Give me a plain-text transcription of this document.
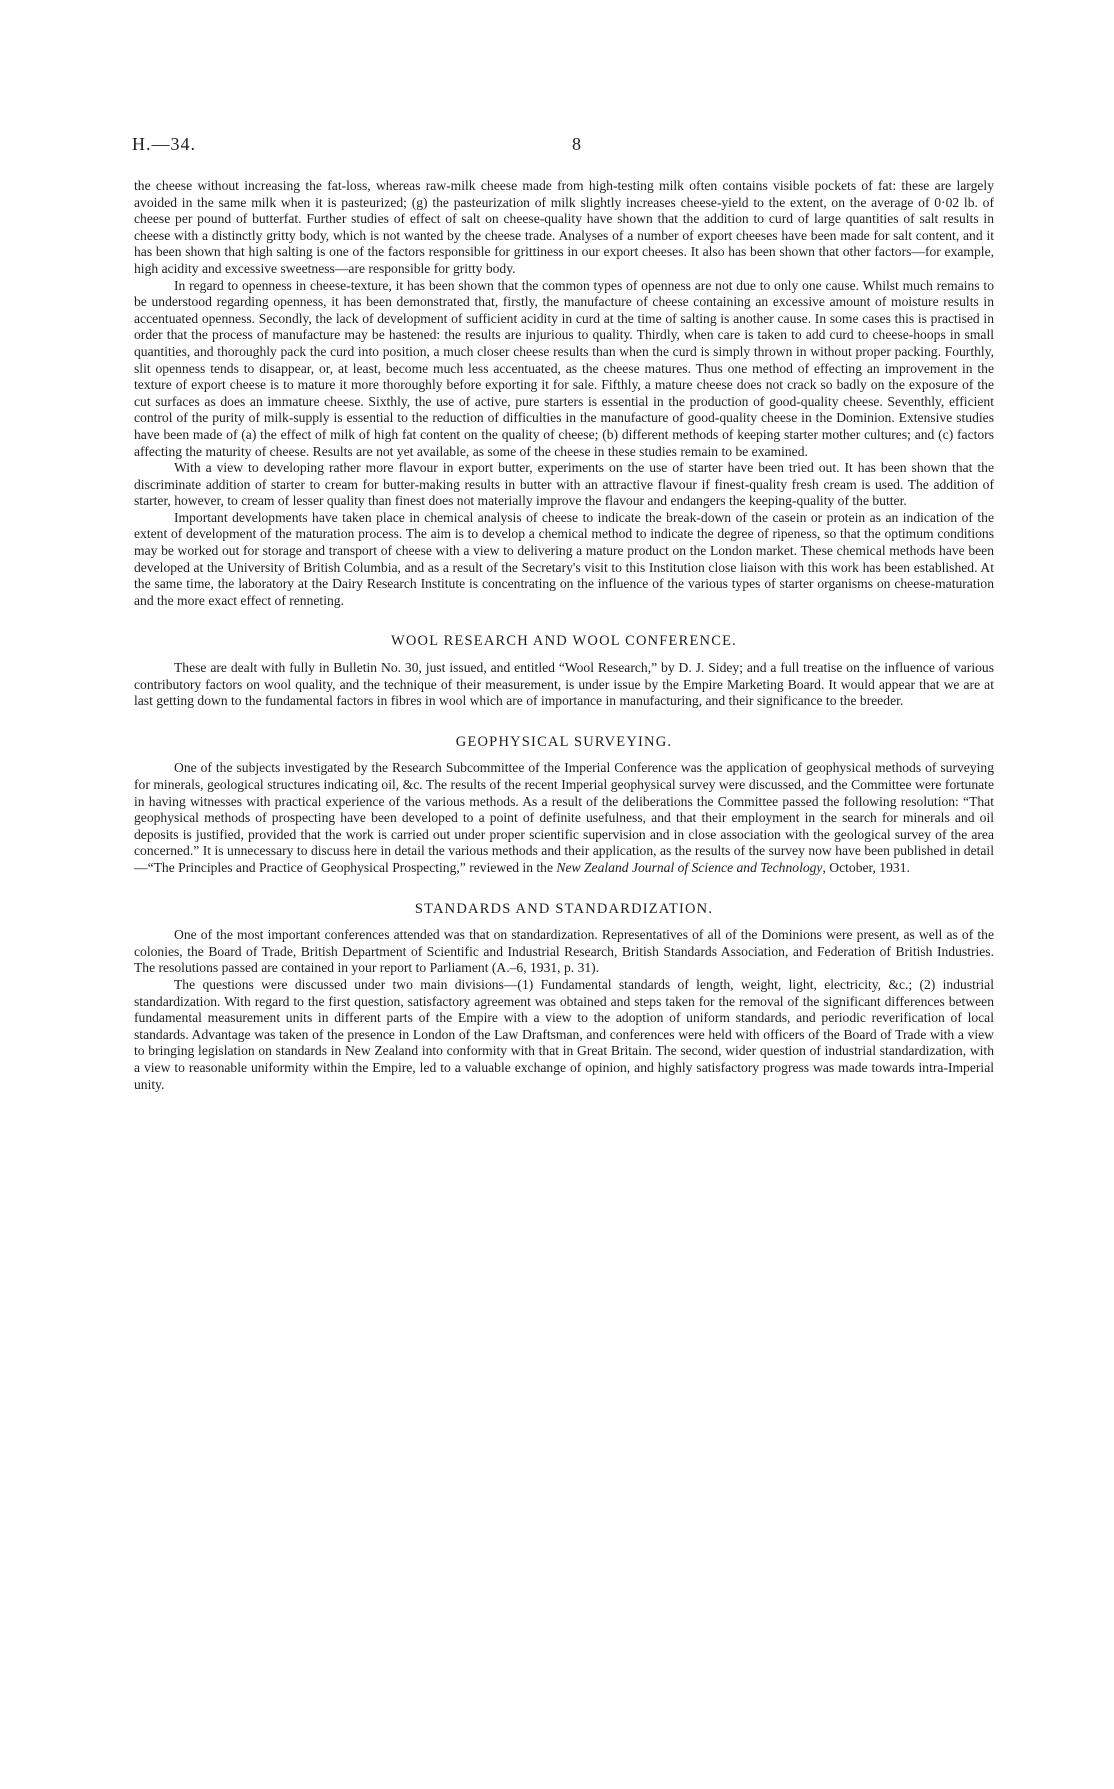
H.—34.	8

the cheese without increasing the fat-loss, whereas raw-milk cheese made from high-testing milk often contains visible pockets of fat: these are largely avoided in the same milk when it is pasteurized; (g) the pasteurization of milk slightly increases cheese-yield to the extent, on the average of 0·02 lb. of cheese per pound of butterfat. Further studies of effect of salt on cheese-quality have shown that the addition to curd of large quantities of salt results in cheese with a distinctly gritty body, which is not wanted by the cheese trade. Analyses of a number of export cheeses have been made for salt content, and it has been shown that high salting is one of the factors responsible for grittiness in our export cheeses. It also has been shown that other factors—for example, high acidity and excessive sweetness—are responsible for gritty body.

In regard to openness in cheese-texture, it has been shown that the common types of openness are not due to only one cause. Whilst much remains to be understood regarding openness, it has been demonstrated that, firstly, the manufacture of cheese containing an excessive amount of moisture results in accentuated openness. Secondly, the lack of development of sufficient acidity in curd at the time of salting is another cause. In some cases this is practised in order that the process of manufacture may be hastened: the results are injurious to quality. Thirdly, when care is taken to add curd to cheese-hoops in small quantities, and thoroughly pack the curd into position, a much closer cheese results than when the curd is simply thrown in without proper packing. Fourthly, slit openness tends to disappear, or, at least, become much less accentuated, as the cheese matures. Thus one method of effecting an improvement in the texture of export cheese is to mature it more thoroughly before exporting it for sale. Fifthly, a mature cheese does not crack so badly on the exposure of the cut surfaces as does an immature cheese. Sixthly, the use of active, pure starters is essential in the production of good-quality cheese. Seventhly, efficient control of the purity of milk-supply is essential to the reduction of difficulties in the manufacture of good-quality cheese in the Dominion. Extensive studies have been made of (a) the effect of milk of high fat content on the quality of cheese; (b) different methods of keeping starter mother cultures; and (c) factors affecting the maturity of cheese. Results are not yet available, as some of the cheese in these studies remain to be examined.

With a view to developing rather more flavour in export butter, experiments on the use of starter have been tried out. It has been shown that the discriminate addition of starter to cream for butter-making results in butter with an attractive flavour if finest-quality fresh cream is used. The addition of starter, however, to cream of lesser quality than finest does not materially improve the flavour and endangers the keeping-quality of the butter.

Important developments have taken place in chemical analysis of cheese to indicate the break-down of the casein or protein as an indication of the extent of development of the maturation process. The aim is to develop a chemical method to indicate the degree of ripeness, so that the optimum conditions may be worked out for storage and transport of cheese with a view to delivering a mature product on the London market. These chemical methods have been developed at the University of British Columbia, and as a result of the Secretary's visit to this Institution close liaison with this work has been established. At the same time, the laboratory at the Dairy Research Institute is concentrating on the influence of the various types of starter organisms on cheese-maturation and the more exact effect of renneting.

WOOL RESEARCH AND WOOL CONFERENCE.

These are dealt with fully in Bulletin No. 30, just issued, and entitled “Wool Research,” by D. J. Sidey; and a full treatise on the influence of various contributory factors on wool quality, and the technique of their measurement, is under issue by the Empire Marketing Board. It would appear that we are at last getting down to the fundamental factors in fibres in wool which are of importance in manufacturing, and their significance to the breeder.

GEOPHYSICAL SURVEYING.

One of the subjects investigated by the Research Subcommittee of the Imperial Conference was the application of geophysical methods of surveying for minerals, geological structures indicating oil, &c. The results of the recent Imperial geophysical survey were discussed, and the Committee were fortunate in having witnesses with practical experience of the various methods. As a result of the deliberations the Committee passed the following resolution: “That geophysical methods of prospecting have been developed to a point of definite usefulness, and that their employment in the search for minerals and oil deposits is justified, provided that the work is carried out under proper scientific supervision and in close association with the geological survey of the area concerned.” It is unnecessary to discuss here in detail the various methods and their application, as the results of the survey now have been published in detail—“The Principles and Practice of Geophysical Prospecting,” reviewed in the New Zealand Journal of Science and Technology, October, 1931.

STANDARDS AND STANDARDIZATION.

One of the most important conferences attended was that on standardization. Representatives of all of the Dominions were present, as well as of the colonies, the Board of Trade, British Department of Scientific and Industrial Research, British Standards Association, and Federation of British Industries. The resolutions passed are contained in your report to Parliament (A.–6, 1931, p. 31).

The questions were discussed under two main divisions—(1) Fundamental standards of length, weight, light, electricity, &c.; (2) industrial standardization. With regard to the first question, satisfactory agreement was obtained and steps taken for the removal of the significant differences between fundamental measurement units in different parts of the Empire with a view to the adoption of uniform standards, and periodic reverification of local standards. Advantage was taken of the presence in London of the Law Draftsman, and conferences were held with officers of the Board of Trade with a view to bringing legislation on standards in New Zealand into conformity with that in Great Britain. The second, wider question of industrial standardization, with a view to reasonable uniformity within the Empire, led to a valuable exchange of opinion, and highly satisfactory progress was made towards intra-Imperial unity.
